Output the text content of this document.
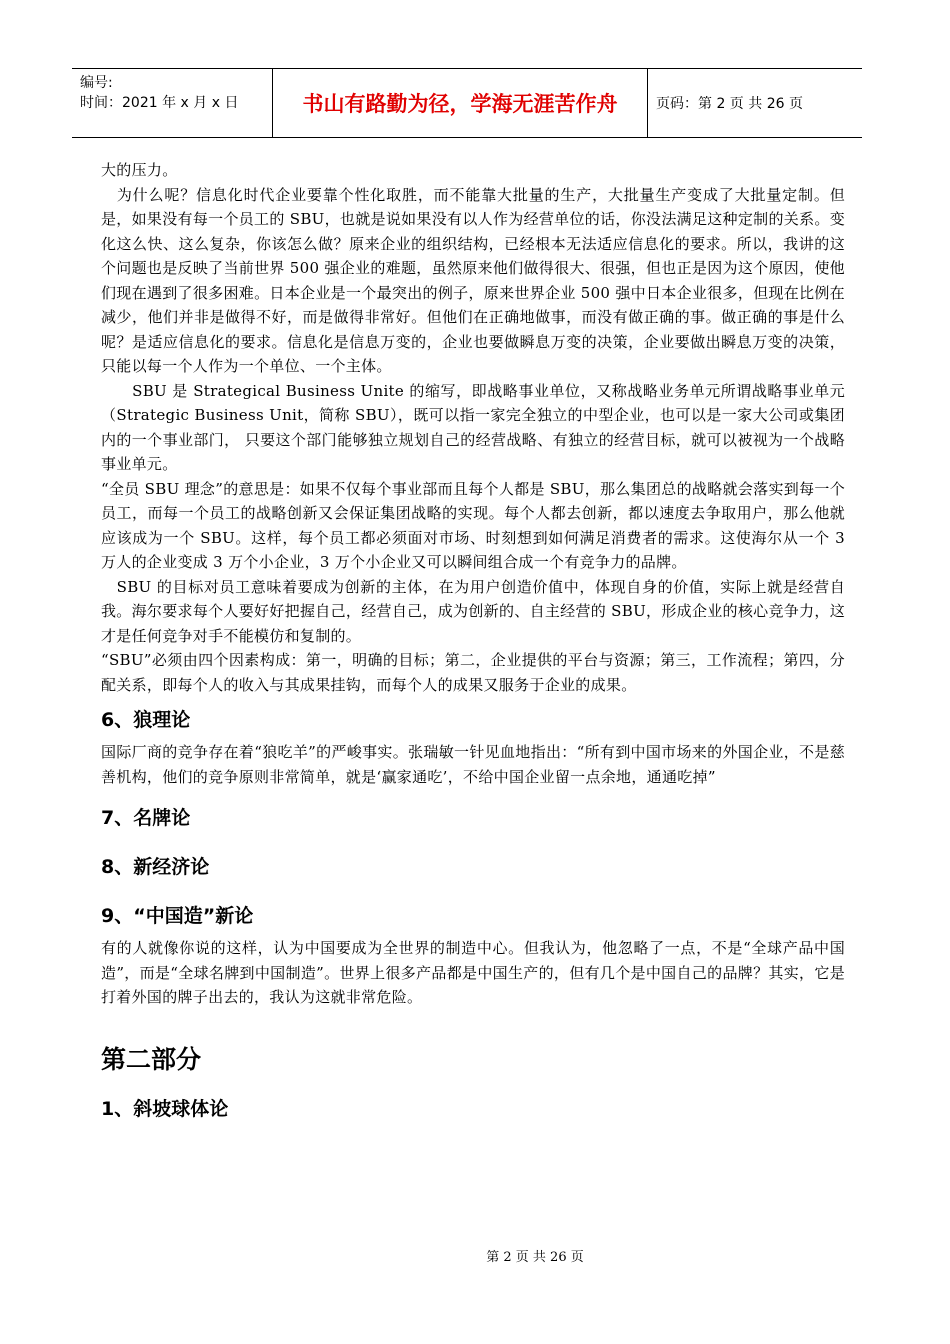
编号:
时间：2021 年 x 月 x 日	书山有路勤为径，学海无涯苦作舟	页码：第 2 页 共 26 页

大的压力。

　为什么呢？信息化时代企业要靠个性化取胜，而不能靠大批量的生产，大批量生产变成了大批量定制。但是，如果没有每一个员工的 SBU，也就是说如果没有以人作为经营单位的话，你没法满足这种定制的关系。变化这么快、这么复杂，你该怎么做？原来企业的组织结构，已经根本无法适应信息化的要求。所以，我讲的这个问题也是反映了当前世界 500 强企业的难题，虽然原来他们做得很大、很强，但也正是因为这个原因，使他们现在遇到了很多困难。日本企业是一个最突出的例子，原来世界企业 500 强中日本企业很多，但现在比例在减少，他们并非是做得不好，而是做得非常好。但他们在正确地做事，而没有做正确的事。做正确的事是什么呢？是适应信息化的要求。信息化是信息万变的，企业也要做瞬息万变的决策，企业要做出瞬息万变的决策，只能以每一个人作为一个单位、一个主体。

　　SBU 是 Strategical Business Unite 的缩写，即战略事业单位，又称战略业务单元所谓战略事业单元（Strategic Business Unit，简称 SBU），既可以指一家完全独立的中型企业，也可以是一家大公司或集团内的一个事业部门， 只要这个部门能够独立规划自己的经营战略、有独立的经营目标，就可以被视为一个战略事业单元。

“全员 SBU 理念”的意思是：如果不仅每个事业部而且每个人都是 SBU，那么集团总的战略就会落实到每一个员工，而每一个员工的战略创新又会保证集团战略的实现。每个人都去创新，都以速度去争取用户，那么他就应该成为一个 SBU。这样，每个员工都必须面对市场、时刻想到如何满足消费者的需求。这使海尔从一个 3 万人的企业变成 3 万个小企业，3 万个小企业又可以瞬间组合成一个有竞争力的品牌。

　SBU 的目标对员工意味着要成为创新的主体，在为用户创造价值中，体现自身的价值，实际上就是经营自我。海尔要求每个人要好好把握自己，经营自己，成为创新的、自主经营的 SBU，形成企业的核心竞争力，这才是任何竞争对手不能模仿和复制的。

“SBU”必须由四个因素构成：第一，明确的目标；第二，企业提供的平台与资源；第三，工作流程；第四，分配关系，即每个人的收入与其成果挂钩，而每个人的成果又服务于企业的成果。

6、狼理论

国际厂商的竞争存在着“狼吃羊”的严峻事实。张瑞敏一针见血地指出：“所有到中国市场来的外国企业，不是慈善机构，他们的竞争原则非常简单，就是‘赢家通吃’，不给中国企业留一点余地，通通吃掉”

7、名牌论
8、新经济论
9、“中国造”新论

有的人就像你说的这样，认为中国要成为全世界的制造中心。但我认为，他忽略了一点，不是“全球产品中国造”，而是“全球名牌到中国制造”。世界上很多产品都是中国生产的，但有几个是中国自己的品牌？其实，它是打着外国的牌子出去的，我认为这就非常危险。

第二部分
1、斜坡球体论
第 2 页 共 26 页
